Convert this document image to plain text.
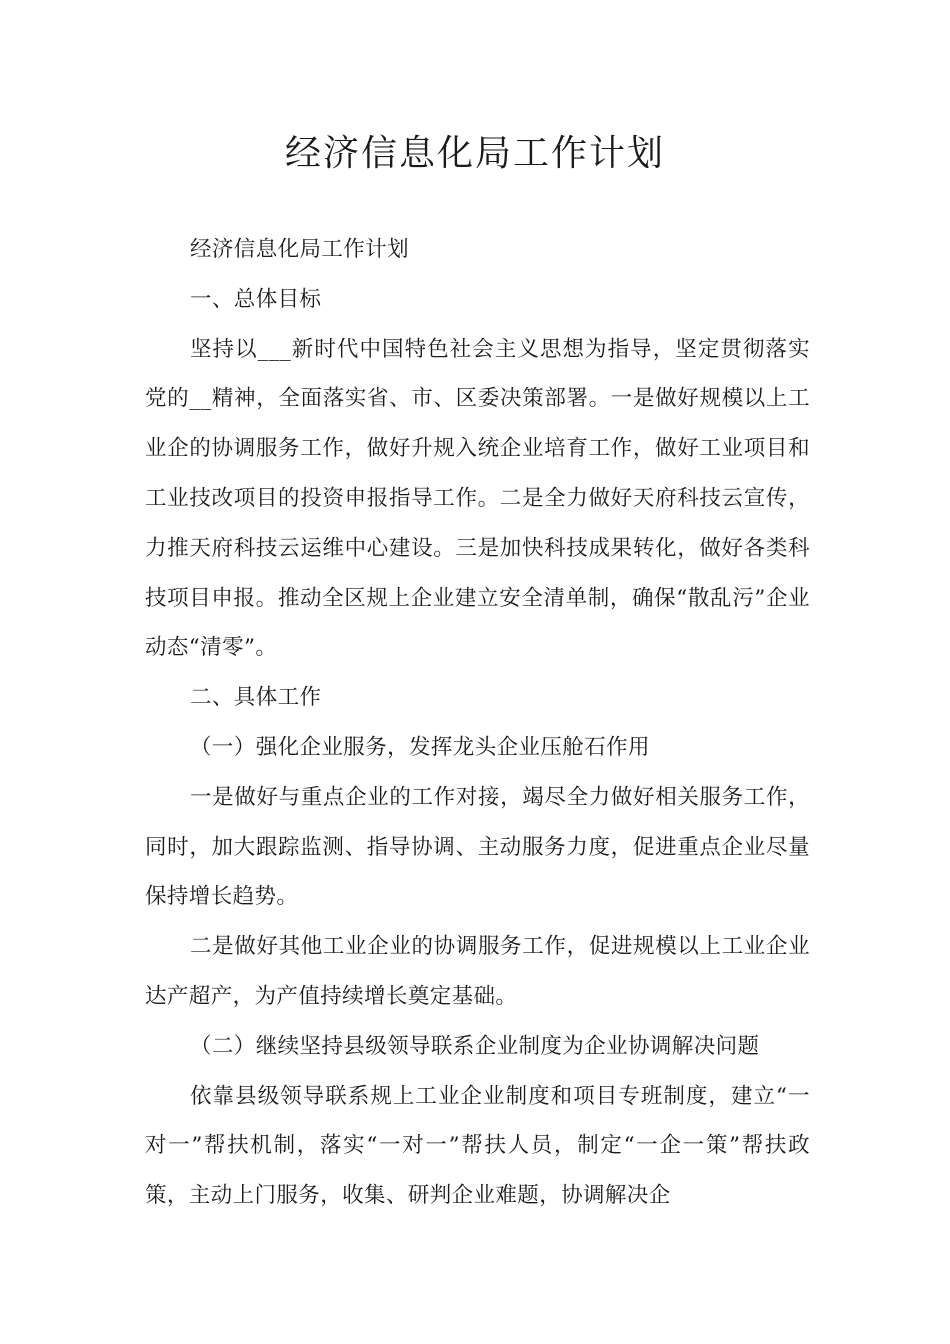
经济信息化局工作计划

经济信息化局工作计划

一、总体目标

坚持以___新时代中国特色社会主义思想为指导，坚定贯彻落实党的__精神，全面落实省、市、区委决策部署。一是做好规模以上工业企的协调服务工作，做好升规入统企业培育工作，做好工业项目和工业技改项目的投资申报指导工作。二是全力做好天府科技云宣传，力推天府科技云运维中心建设。三是加快科技成果转化，做好各类科技项目申报。推动全区规上企业建立安全清单制，确保“散乱污”企业动态“清零”。

二、具体工作

（一）强化企业服务，发挥龙头企业压舱石作用

一是做好与重点企业的工作对接，竭尽全力做好相关服务工作，同时，加大跟踪监测、指导协调、主动服务力度，促进重点企业尽量保持增长趋势。

二是做好其他工业企业的协调服务工作，促进规模以上工业企业达产超产，为产值持续增长奠定基础。

（二）继续坚持县级领导联系企业制度为企业协调解决问题

依靠县级领导联系规上工业企业制度和项目专班制度，建立“一对一”帮扶机制，落实“一对一”帮扶人员，制定“一企一策”帮扶政策，主动上门服务，收集、研判企业难题，协调解决企
